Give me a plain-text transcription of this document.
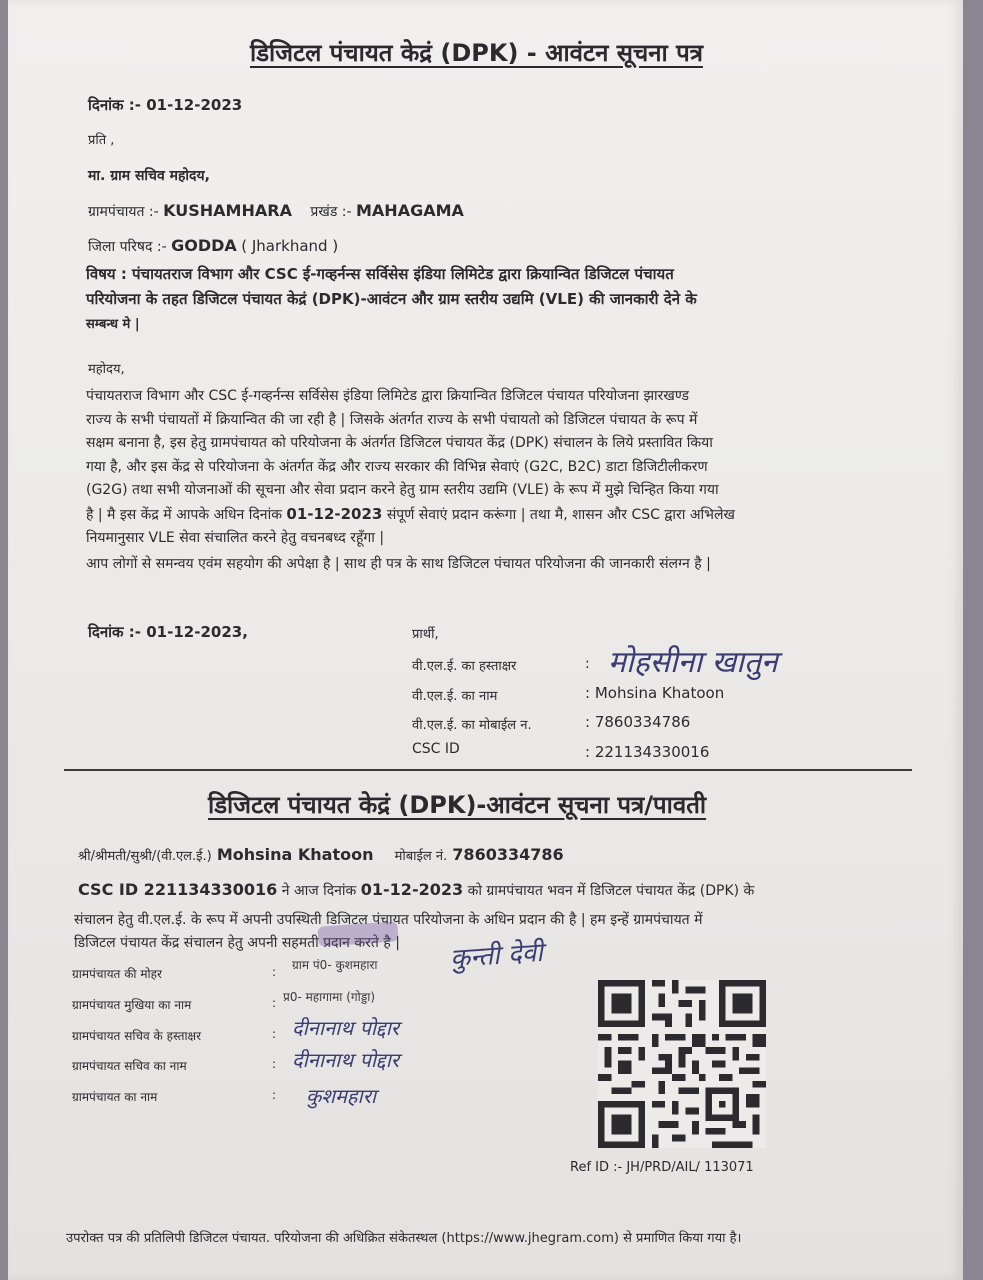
डिजिटल पंचायत केद्रं (DPK) - आवंटन सूचना पत्र
दिनांक :- 01-12-2023
प्रति ,
मा. ग्राम सचिव महोदय,
ग्रामपंचायत :- KUSHAMHARA प्रखंड :- MAHAGAMA
जिला परिषद :- GODDA ( Jharkhand )
विषय : पंचायतराज विभाग और CSC ई-गव्हर्नन्स सर्विसेस इंडिया लिमिटेड द्वारा क्रियान्वित डिजिटल पंचायत
परियोजना के तहत डिजिटल पंचायत केद्रं (DPK)-आवंटन और ग्राम स्तरीय उद्यमि (VLE) की जानकारी देने के
सम्बन्ध मे |
महोदय,
पंचायतराज विभाग और CSC ई-गव्हर्नन्स सर्विसेस इंडिया लिमिटेड द्वारा क्रियान्वित डिजिटल पंचायत परियोजना झारखण्ड
राज्य के सभी पंचायतों में क्रियान्वित की जा रही है | जिसके अंतर्गत राज्य के सभी पंचायतो को डिजिटल पंचायत के रूप में
सक्षम बनाना है, इस हेतु ग्रामपंचायत को परियोजना के अंतर्गत डिजिटल पंचायत केंद्र (DPK) संचालन के लिये प्रस्तावित किया
गया है, और इस केंद्र से परियोजना के अंतर्गत केंद्र और राज्य सरकार की विभिन्न सेवाएं (G2C, B2C) डाटा डिजिटीलीकरण
(G2G) तथा सभी योजनाओं की सूचना और सेवा प्रदान करने हेतु ग्राम स्तरीय उद्यमि (VLE) के रूप में मुझे चिन्हित किया गया
है | मै इस केंद्र में आपके अधिन दिनांक 01-12-2023 संपूर्ण सेवाएं प्रदान करूंगा | तथा मै, शासन और CSC द्वारा अभिलेख
नियमानुसार VLE सेवा संचालित करने हेतु वचनबध्द रहूँगा |
आप लोगों से समन्वय एवंम सहयोग की अपेक्षा है | साथ ही पत्र के साथ डिजिटल पंचायत परियोजना की जानकारी संलग्न है |
दिनांक :- 01-12-2023,	प्रार्थी,
वी.एल.ई. का हस्ताक्षर	: मोहसीना खातुन
वी.एल.ई. का नाम	: Mohsina Khatoon
वी.एल.ई. का मोबाईल न.	: 7860334786
CSC ID	: 221134330016
डिजिटल पंचायत केद्रं (DPK)-आवंटन सूचना पत्र/पावती
श्री/श्रीमती/सुश्री/(वी.एल.ई.) Mohsina Khatoon मोबाईल नं. 7860334786
CSC ID 221134330016 ने आज दिनांक 01-12-2023 को ग्रामपंचायत भवन में डिजिटल पंचायत केंद्र (DPK) के
संचालन हेतु वी.एल.ई. के रूप में अपनी उपस्थिती डिजिटल पंचायत परियोजना के अधिन प्रदान की है | हम इन्हें ग्रामपंचायत में
डिजिटल पंचायत केंद्र संचालन हेतु अपनी सहमती प्रदान करते है |
ग्रामपंचायत की मोहर	: ग्राम पं0- कुशमहारा	कुन्ती देवी
ग्रामपंचायत मुखिया का नाम	: प्र0- महागामा (गोड्डा)
ग्रामपंचायत सचिव के हस्ताक्षर	: दीनानाथ पोद्दार
ग्रामपंचायत सचिव का नाम	: दीनानाथ पोद्दार
ग्रामपंचायत का नाम	: कुशमहारा
Ref ID :- JH/PRD/AIL/ 113071
उपरोक्त पत्र की प्रतिलिपी डिजिटल पंचायत. परियोजना की अधिक्रित संकेतस्थल (https://www.jhegram.com) से प्रमाणित किया गया है।
